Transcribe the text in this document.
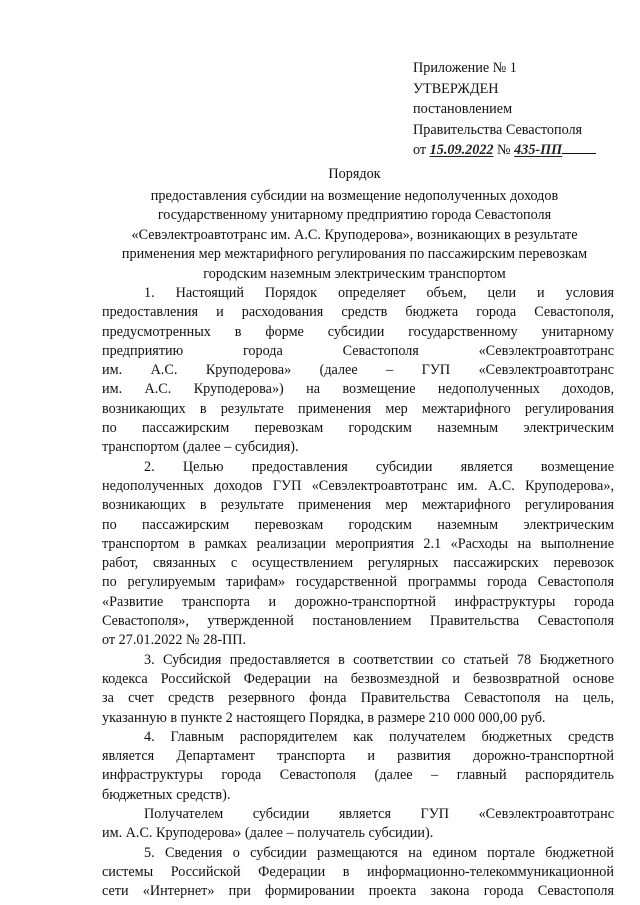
Приложение № 1
УТВЕРЖДЕН
постановлением
Правительства Севастополя
от 15.09.2022 № 435-ПП
Порядок
предоставления субсидии на возмещение недополученных доходов
государственному унитарному предприятию города Севастополя
«Севэлектроавтотранс им. А.С. Круподерова», возникающих в результате
применения мер межтарифного регулирования по пассажирским перевозкам
городским наземным электрическим транспортом
1. Настоящий Порядок определяет объем, цели и условия
предоставления и расходования средств бюджета города Севастополя,
предусмотренных в форме субсидии государственному унитарному
предприятию города Севастополя «Севэлектроавтотранс
им. А.С. Круподерова» (далее – ГУП «Севэлектроавтотранс
им. А.С. Круподерова») на возмещение недополученных доходов,
возникающих в результате применения мер межтарифного регулирования
по пассажирским перевозкам городским наземным электрическим
транспортом (далее – субсидия).
2. Целью предоставления субсидии является возмещение
недополученных доходов ГУП «Севэлектроавтотранс им. А.С. Круподерова»,
возникающих в результате применения мер межтарифного регулирования
по пассажирским перевозкам городским наземным электрическим
транспортом в рамках реализации мероприятия 2.1 «Расходы на выполнение
работ, связанных с осуществлением регулярных пассажирских перевозок
по регулируемым тарифам» государственной программы города Севастополя
«Развитие транспорта и дорожно-транспортной инфраструктуры города
Севастополя», утвержденной постановлением Правительства Севастополя
от 27.01.2022 № 28-ПП.
3. Субсидия предоставляется в соответствии со статьей 78 Бюджетного
кодекса Российской Федерации на безвозмездной и безвозвратной основе
за счет средств резервного фонда Правительства Севастополя на цель,
указанную в пункте 2 настоящего Порядка, в размере 210 000 000,00 руб.
4. Главным распорядителем как получателем бюджетных средств
является Департамент транспорта и развития дорожно-транспортной
инфраструктуры города Севастополя (далее – главный распорядитель
бюджетных средств).
Получателем субсидии является ГУП «Севэлектроавтотранс
им. А.С. Круподерова» (далее – получатель субсидии).
5. Сведения о субсидии размещаются на едином портале бюджетной
системы Российской Федерации в информационно-телекоммуникационной
сети «Интернет» при формировании проекта закона города Севастополя
